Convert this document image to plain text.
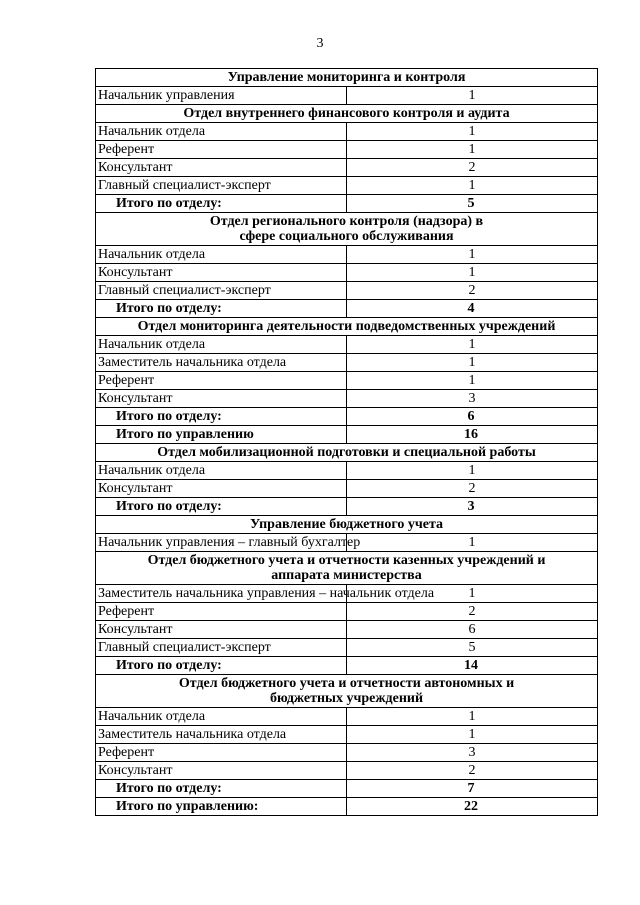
3
Управление мониторинга и контроля	
Начальник управления	1
Отдел внутреннего финансового контроля и аудита	
Начальник отдела	1
Референт	1
Консультант	2
Главный специалист-эксперт	1
Итого по отделу:	5
Отдел регионального контроля (надзора) в сфере социального обслуживания	
Начальник отдела	1
Консультант	1
Главный специалист-эксперт	2
Итого по отделу:	4
Отдел мониторинга деятельности подведомственных учреждений	
Начальник отдела	1
Заместитель начальника отдела	1
Референт	1
Консультант	3
Итого по отделу:	6
Итого по управлению	16
Отдел мобилизационной подготовки и специальной работы	
Начальник отдела	1
Консультант	2
Итого по отделу:	3
Управление бюджетного учета	
Начальник управления – главный бухгалтер	1
Отдел бюджетного учета и отчетности казенных учреждений и аппарата министерства	
Заместитель начальника управления – начальник отдела	1
Референт	2
Консультант	6
Главный специалист-эксперт	5
Итого по отделу:	14
Отдел бюджетного учета и отчетности автономных и бюджетных учреждений	
Начальник отдела	1
Заместитель начальника отдела	1
Референт	3
Консультант	2
Итого по отделу:	7
Итого по управлению:	22
